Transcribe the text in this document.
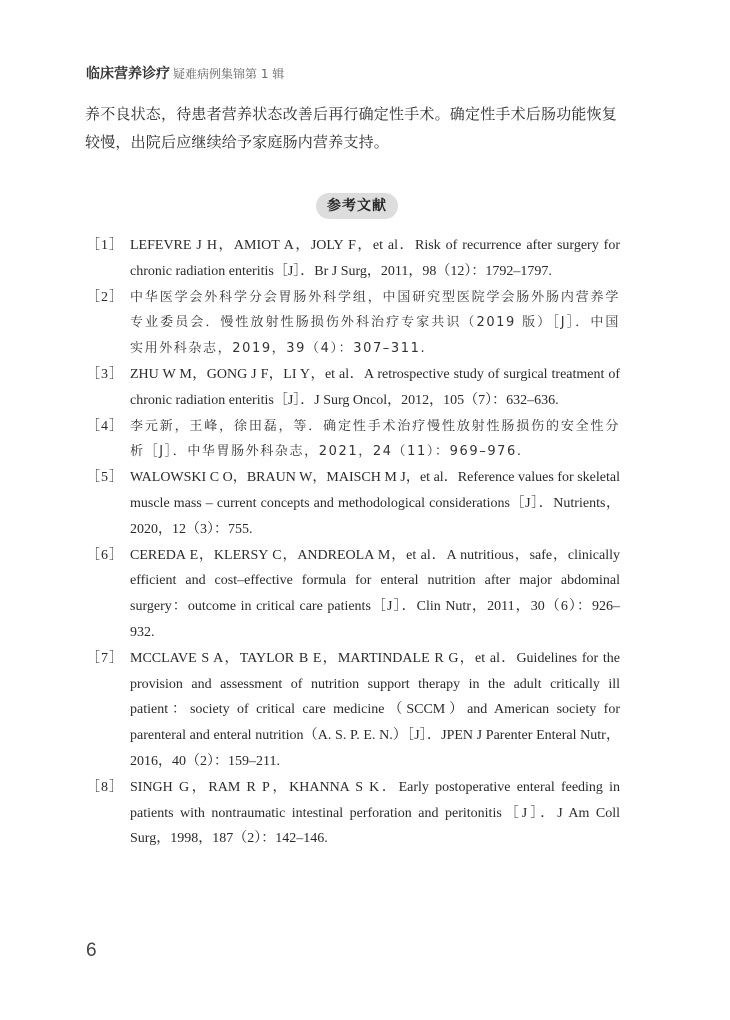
临床营养诊疗 疑难病例集锦第 1 辑

养不良状态，待患者营养状态改善后再行确定性手术。确定性手术后肠功能恢复较慢，出院后应继续给予家庭肠内营养支持。

参考文献
［1］ LEFEVRE J H，AMIOT A，JOLY F，et al．Risk of recurrence after surgery for chronic radiation enteritis［J］．Br J Surg，2011，98（12）：1792–1797.
［2］ 中华医学会外科学分会胃肠外科学组，中国研究型医院学会肠外肠内营养学专业委员会．慢性放射性肠损伤外科治疗专家共识（2019 版）［J］．中国实用外科杂志，2019，39（4）：307–311.
［3］ ZHU W M，GONG J F，LI Y，et al．A retrospective study of surgical treatment of chronic radiation enteritis［J］．J Surg Oncol，2012，105（7）：632–636.
［4］ 李元新，王峰，徐田磊，等．确定性手术治疗慢性放射性肠损伤的安全性分析［J］．中华胃肠外科杂志，2021，24（11）：969–976.
［5］ WALOWSKI C O，BRAUN W，MAISCH M J，et al．Reference values for skeletal muscle mass – current concepts and methodological considerations［J］．Nutrients，2020，12（3）：755.
［6］ CEREDA E，KLERSY C，ANDREOLA M，et al．A nutritious，safe，clinically efficient and cost–effective formula for enteral nutrition after major abdominal surgery：outcome in critical care patients［J］．Clin Nutr，2011，30（6）：926–932.
［7］ MCCLAVE S A，TAYLOR B E，MARTINDALE R G，et al．Guidelines for the provision and assessment of nutrition support therapy in the adult critically ill patient：society of critical care medicine（SCCM）and American society for parenteral and enteral nutrition（A. S. P. E. N.）［J］．JPEN J Parenter Enteral Nutr，2016，40（2）：159–211.
［8］ SINGH G，RAM R P，KHANNA S K．Early postoperative enteral feeding in patients with nontraumatic intestinal perforation and peritonitis［J］．J Am Coll Surg，1998，187（2）：142–146.
6
